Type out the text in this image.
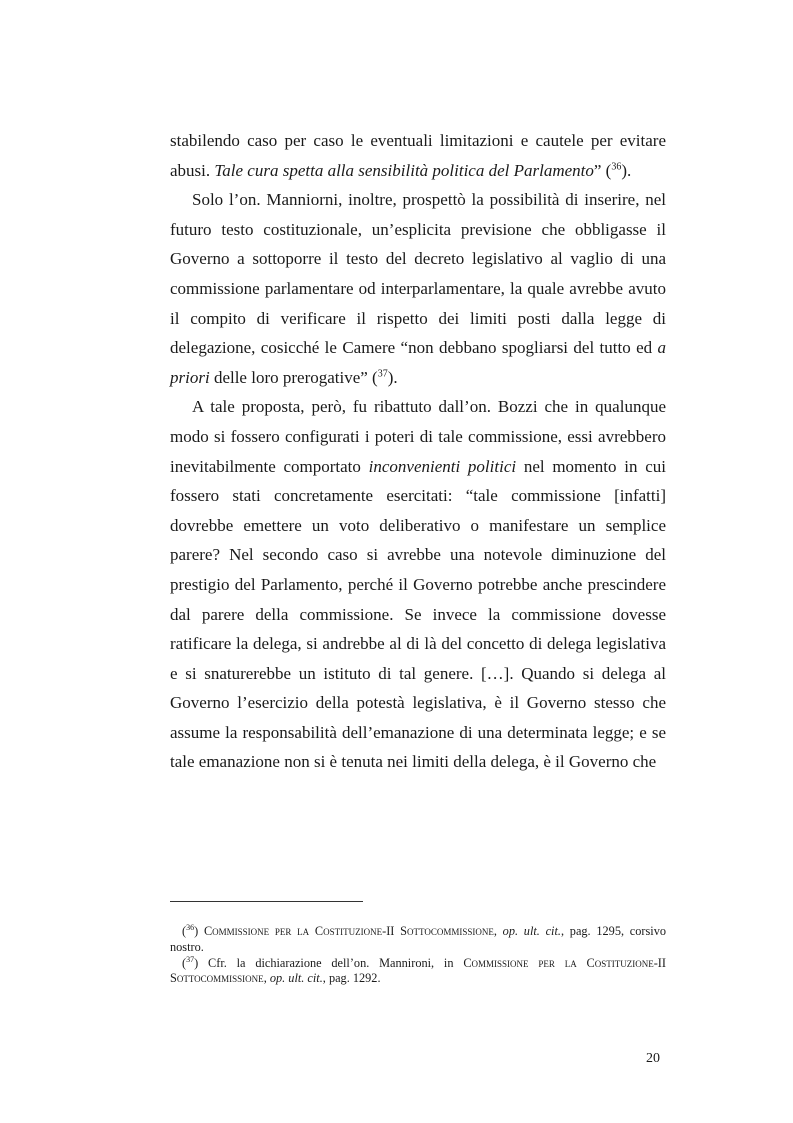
stabilendo caso per caso le eventuali limitazioni e cautele per evitare abusi. Tale cura spetta alla sensibilità politica del Parlamento” ($^{36}$).

Solo l’on. Manniorni, inoltre, prospettò la possibilità di inserire, nel futuro testo costituzionale, un’esplicita previsione che obbligasse il Governo a sottoporre il testo del decreto legislativo al vaglio di una commissione parlamentare od interparlamentare, la quale avrebbe avuto il compito di verificare il rispetto dei limiti posti dalla legge di delegazione, cosicché le Camere “non debbano spogliarsi del tutto ed a priori delle loro prerogative” ($^{37}$).

A tale proposta, però, fu ribattuto dall’on. Bozzi che in qualunque modo si fossero configurati i poteri di tale commissione, essi avrebbero inevitabilmente comportato inconvenienti politici nel momento in cui fossero stati concretamente esercitati: “tale commissione [infatti] dovrebbe emettere un voto deliberativo o manifestare un semplice parere? Nel secondo caso si avrebbe una notevole diminuzione del prestigio del Parlamento, perché il Governo potrebbe anche prescindere dal parere della commissione. Se invece la commissione dovesse ratificare la delega, si andrebbe al di là del concetto di delega legislativa e si snaturerebbe un istituto di tal genere. […]. Quando si delega al Governo l’esercizio della potestà legislativa, è il Governo stesso che assume la responsabilità dell’emanazione di una determinata legge; e se tale emanazione non si è tenuta nei limiti della delega, è il Governo che

($^{36}$) Commissione per la Costituzione-II Sottocommissione, op. ult. cit., pag. 1295, corsivo nostro.

($^{37}$) Cfr. la dichiarazione dell’on. Mannironi, in Commissione per la Costituzione-II Sottocommissione, op. ult. cit., pag. 1292.

20
